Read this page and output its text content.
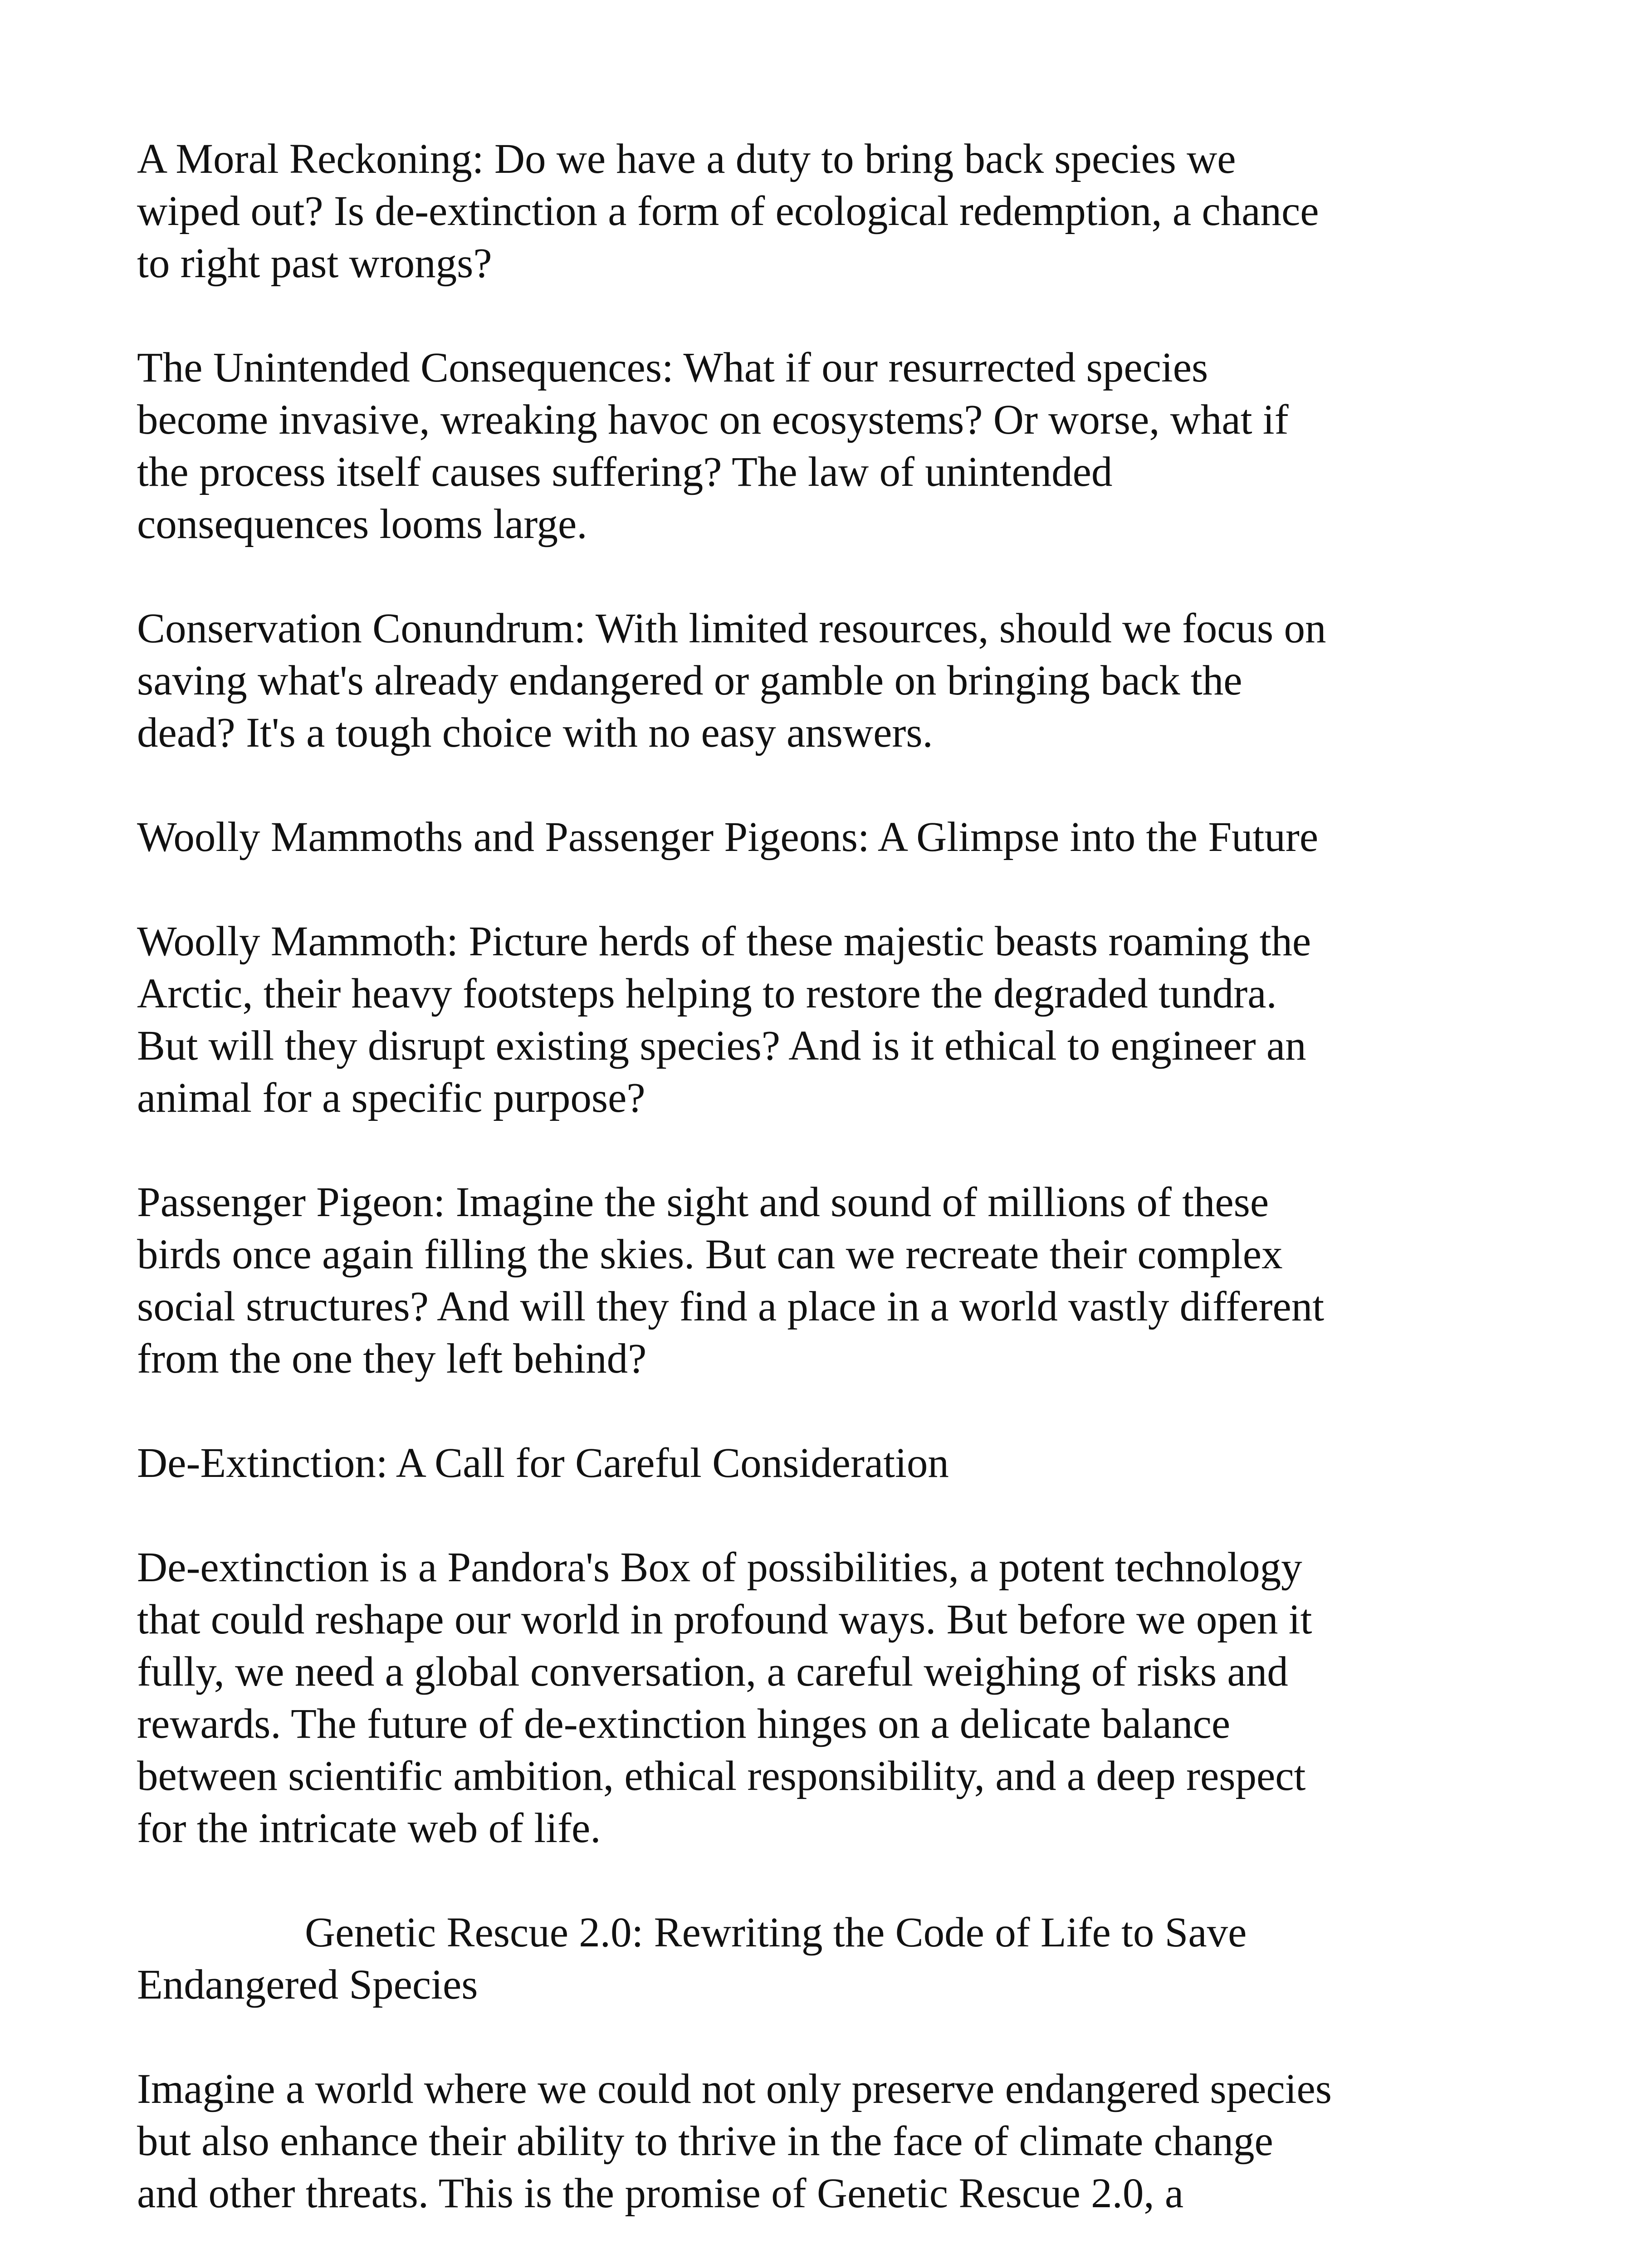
A Moral Reckoning: Do we have a duty to bring back species we
wiped out? Is de-extinction a form of ecological redemption, a chance
to right past wrongs?
The Unintended Consequences: What if our resurrected species
become invasive, wreaking havoc on ecosystems? Or worse, what if
the process itself causes suffering? The law of unintended
consequences looms large.
Conservation Conundrum: With limited resources, should we focus on
saving what's already endangered or gamble on bringing back the
dead? It's a tough choice with no easy answers.
Woolly Mammoths and Passenger Pigeons: A Glimpse into the Future
Woolly Mammoth: Picture herds of these majestic beasts roaming the
Arctic, their heavy footsteps helping to restore the degraded tundra.
But will they disrupt existing species? And is it ethical to engineer an
animal for a specific purpose?
Passenger Pigeon: Imagine the sight and sound of millions of these
birds once again filling the skies. But can we recreate their complex
social structures? And will they find a place in a world vastly different
from the one they left behind?
De-Extinction: A Call for Careful Consideration
De-extinction is a Pandora's Box of possibilities, a potent technology
that could reshape our world in profound ways. But before we open it
fully, we need a global conversation, a careful weighing of risks and
rewards. The future of de-extinction hinges on a delicate balance
between scientific ambition, ethical responsibility, and a deep respect
for the intricate web of life.
Genetic Rescue 2.0: Rewriting the Code of Life to Save
Endangered Species
Imagine a world where we could not only preserve endangered species
but also enhance their ability to thrive in the face of climate change
and other threats. This is the promise of Genetic Rescue 2.0, a
